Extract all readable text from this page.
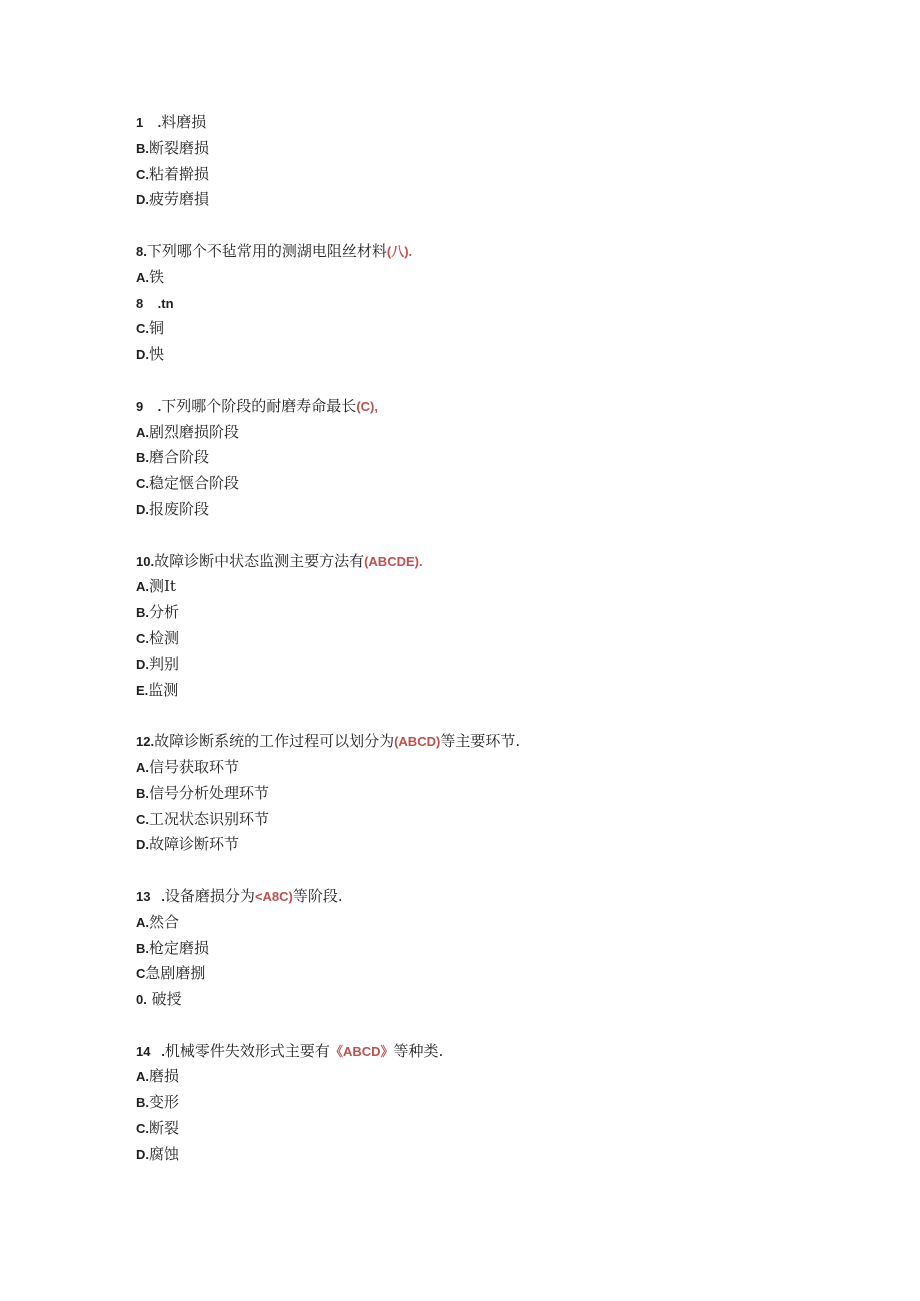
1    .料磨损
B.断裂磨损
C.粘着擀损
D.疲劳磨損
8.下列哪个不毡常用的测湖电阻丝材料(八).
A.铁
8    .tn
C.铜
D.怏
9    .下列哪个阶段的耐磨寿命最长(C),
A.剧烈磨损阶段
B.磨合阶段
C.稳定惬合阶段
D.报废阶段
10.故障诊断中状态监测主要方法有(ABCDE).
A.测It
B.分析
C.检测
D.判别
E.监测
12.故障诊断系统的工作过程可以划分为(ABCD)等主要环节.
A.信号获取环节
B.信号分析处理环节
C.工况状态识别环节
D.故障诊断环节
13   .设备磨损分为<A8C)等阶段.
A.然合
B.枪定磨损
C急剧磨捌
0. 破授
14   .机械零件失效形式主要有《ABCD》等种类.
A.磨损
B.变形
C.断裂
D.腐蚀
